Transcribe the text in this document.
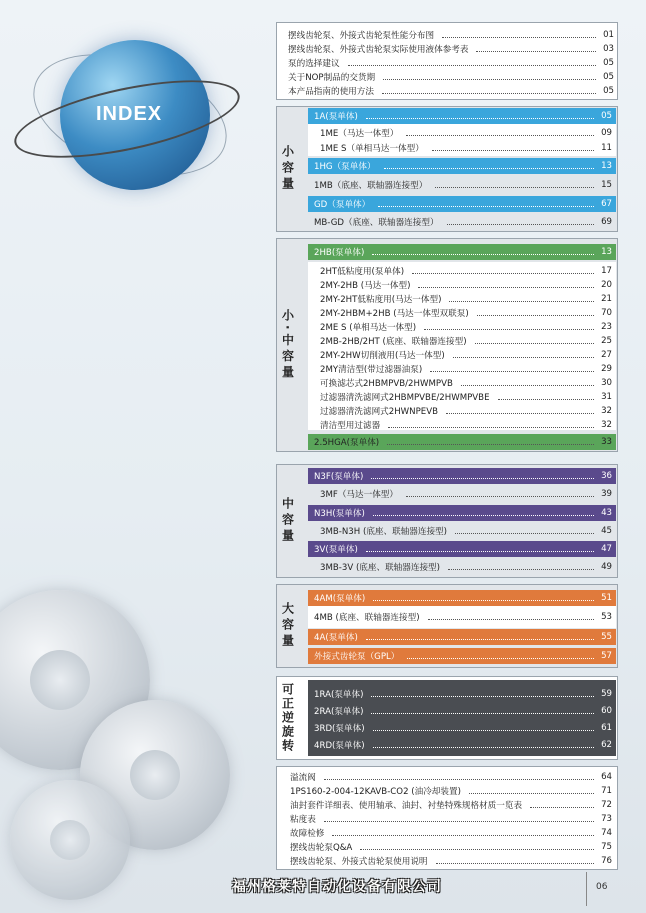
INDEX
摆线齿轮泵、外接式齿轮泵性能分布图	01
摆线齿轮泵、外接式齿轮泵实际使用液体参考表	03
泵的选择建议	05
关于NOP制品的交货期	05
本产品指南的使用方法	05
小容量
1A(泵单体)	05
1ME（马达一体型）	09
1ME S（单相马达一体型）	11
1HG（泵单体）	13
1MB（底座、联轴器连接型）	15
GD（泵单体）	67
MB-GD（底座、联轴器连接型）	69
小·中容量
2HB(泵单体)	13
2HT低粘度用(泵单体)	17
2MY-2HB (马达一体型)	20
2MY-2HT低粘度用(马达一体型)	21
2MY-2HBM+2HB (马达一体型双联泵)	70
2ME S (单相马达一体型)	23
2MB-2HB/2HT (底座、联轴器连接型)	25
2MY-2HW切削液用(马达一体型)	27
2MY清洁型(带过滤器油泵)	29
可换滤芯式2HBMPVB/2HWMPVB	30
过滤器清洗滤网式2HBMPVBE/2HWMPVBE	31
过滤器清洗滤网式2HWNPEVB	32
清洁型用过滤器	32
2.5HGA(泵单体)	33
中容量
N3F(泵单体)	36
3MF（马达一体型）	39
N3H(泵单体)	43
3MB-N3H (底座、联轴器连接型)	45
3V(泵单体)	47
3MB-3V (底座、联轴器连接型)	49
大容量
4AM(泵单体)	51
4MB (底座、联轴器连接型)	53
4A(泵单体)	55
外接式齿轮泵（GPL）	57
可正逆旋转	1RA(泵单体)	59
2RA(泵单体)	60
3RD(泵单体)	61
4RD(泵单体)	62
溢流阀	64
1PS160-2-004-12KAVB-CO2 (油冷却装置)	71
油封套件详细表、使用轴承、油封、衬垫特殊规格材质一览表	72
粘度表	73
故障检修	74
摆线齿轮泵Q&A	75
摆线齿轮泵、外接式齿轮泵使用说明	76
福州格莱特自动化设备有限公司	06
